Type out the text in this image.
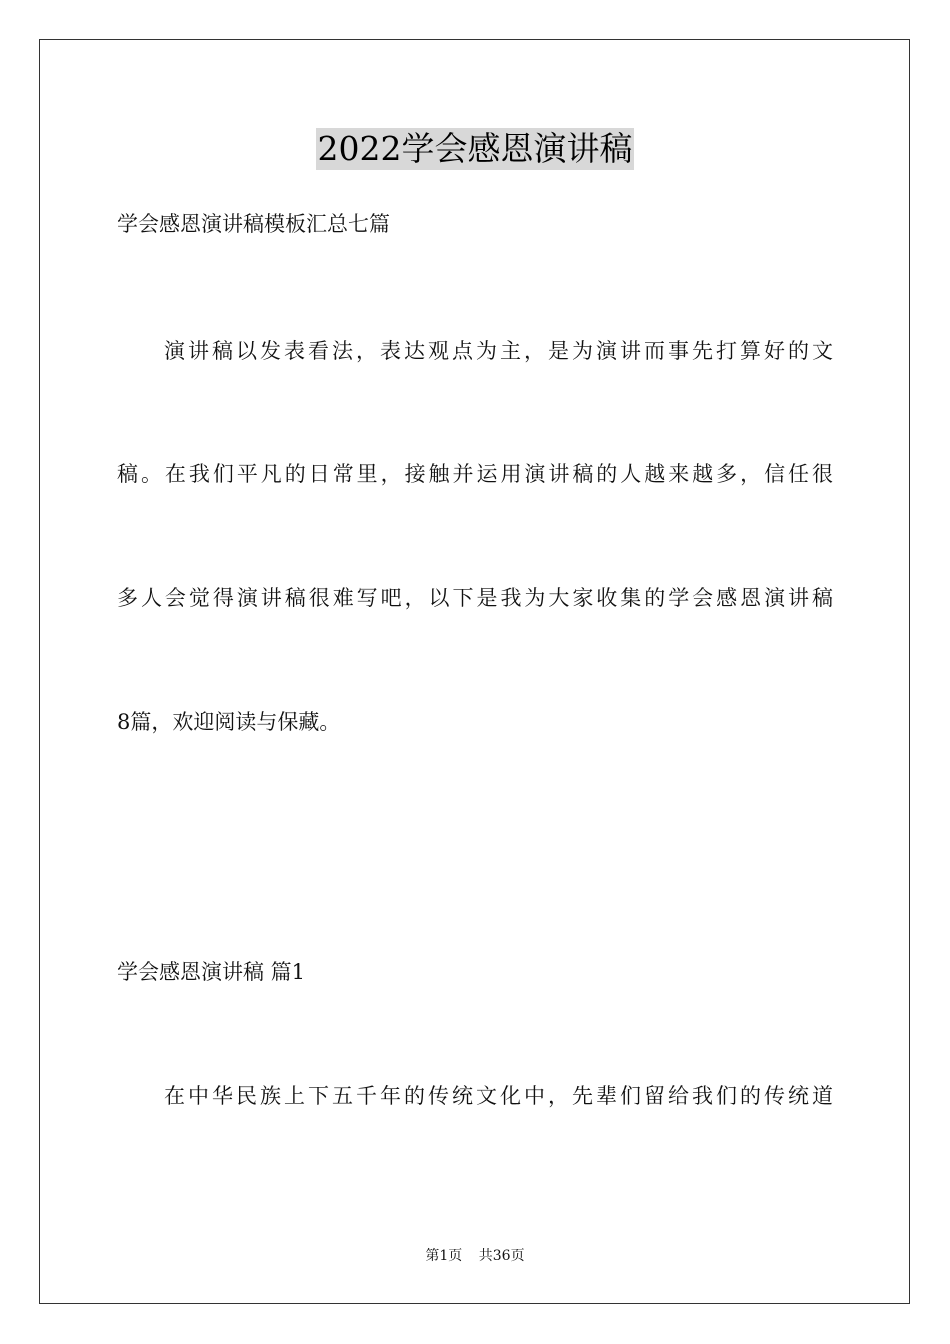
2022学会感恩演讲稿
学会感恩演讲稿模板汇总七篇
演讲稿以发表看法，表达观点为主，是为演讲而事先打算好的文
稿。在我们平凡的日常里，接触并运用演讲稿的人越来越多，信任很
多人会觉得演讲稿很难写吧，以下是我为大家收集的学会感恩演讲稿
8篇，欢迎阅读与保藏。
学会感恩演讲稿 篇1
在中华民族上下五千年的传统文化中，先辈们留给我们的传统道
第1页 共36页
